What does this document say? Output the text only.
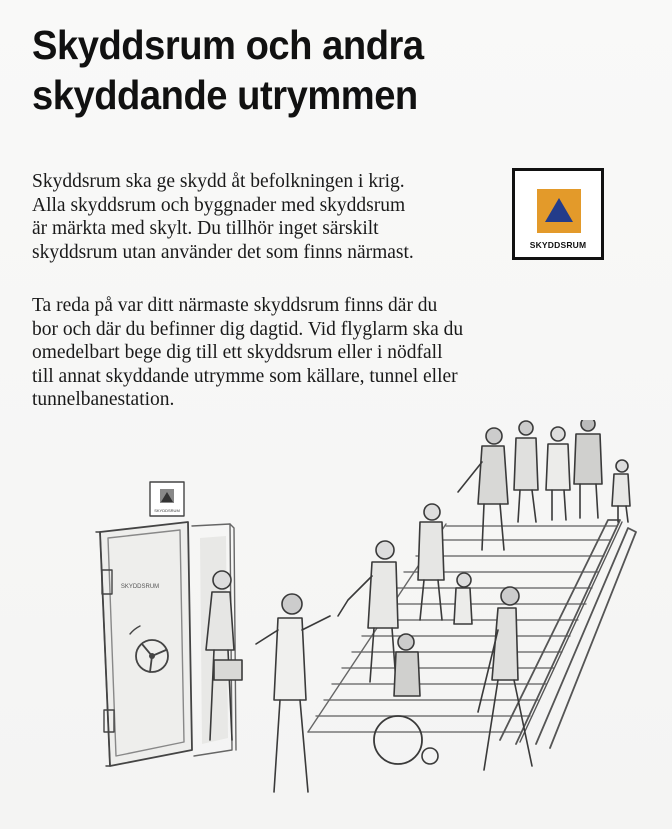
Skyddsrum och andra skyddande utrymmen

Skyddsrum ska ge skydd åt befolkningen i krig.
Alla skyddsrum och byggnader med skyddsrum
är märkta med skylt. Du tillhör inget särskilt
skyddsrum utan använder det som finns närmast.	SKYDDSRUM

Ta reda på var ditt närmaste skyddsrum finns där du
bor och där du befinner dig dagtid. Vid flyglarm ska du
omedelbart bege dig till ett skyddsrum eller i nödfall
till annat skyddande utrymme som källare, tunnel eller
tunnelbanestation.

SKYDDSRUM
SKYDDSRUM
